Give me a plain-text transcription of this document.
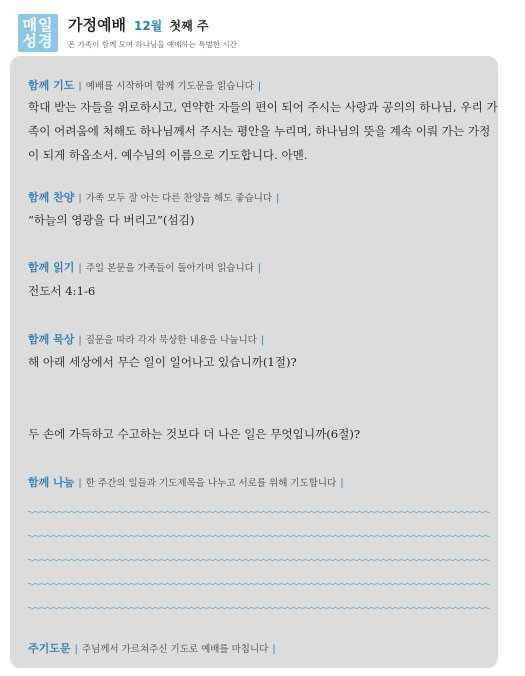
매일
성경
가정예배 12월 첫째 주
온 가족이 함께 모여 하나님을 예배하는 특별한 시간
함께 기도 | 예배를 시작하며 함께 기도문을 읽습니다 |
학대 받는 자들을 위로하시고, 연약한 자들의 편이 되어 주시는 사랑과 공의의 하나님, 우리 가족이 어려움에 처해도 하나님께서 주시는 평안을 누리며, 하나님의 뜻을 계속 이뤄 가는 가정이 되게 하옵소서. 예수님의 이름으로 기도합니다. 아멘.
함께 찬양 | 가족 모두 잘 아는 다른 찬양을 해도 좋습니다 |
“하늘의 영광을 다 버리고”(섬김)
함께 읽기 | 주일 본문을 가족들이 돌아가며 읽습니다 |
전도서 4:1-6
함께 묵상 | 질문을 따라 각자 묵상한 내용을 나눕니다 |
해 아래 세상에서 무슨 일이 일어나고 있습니까(1절)?
두 손에 가득하고 수고하는 것보다 더 나은 일은 무엇입니까(6절)?
함께 나눔 | 한 주간의 일들과 기도제목을 나누고 서로를 위해 기도합니다 |
주기도문 | 주님께서 가르쳐주신 기도로 예배를 마칩니다 |
